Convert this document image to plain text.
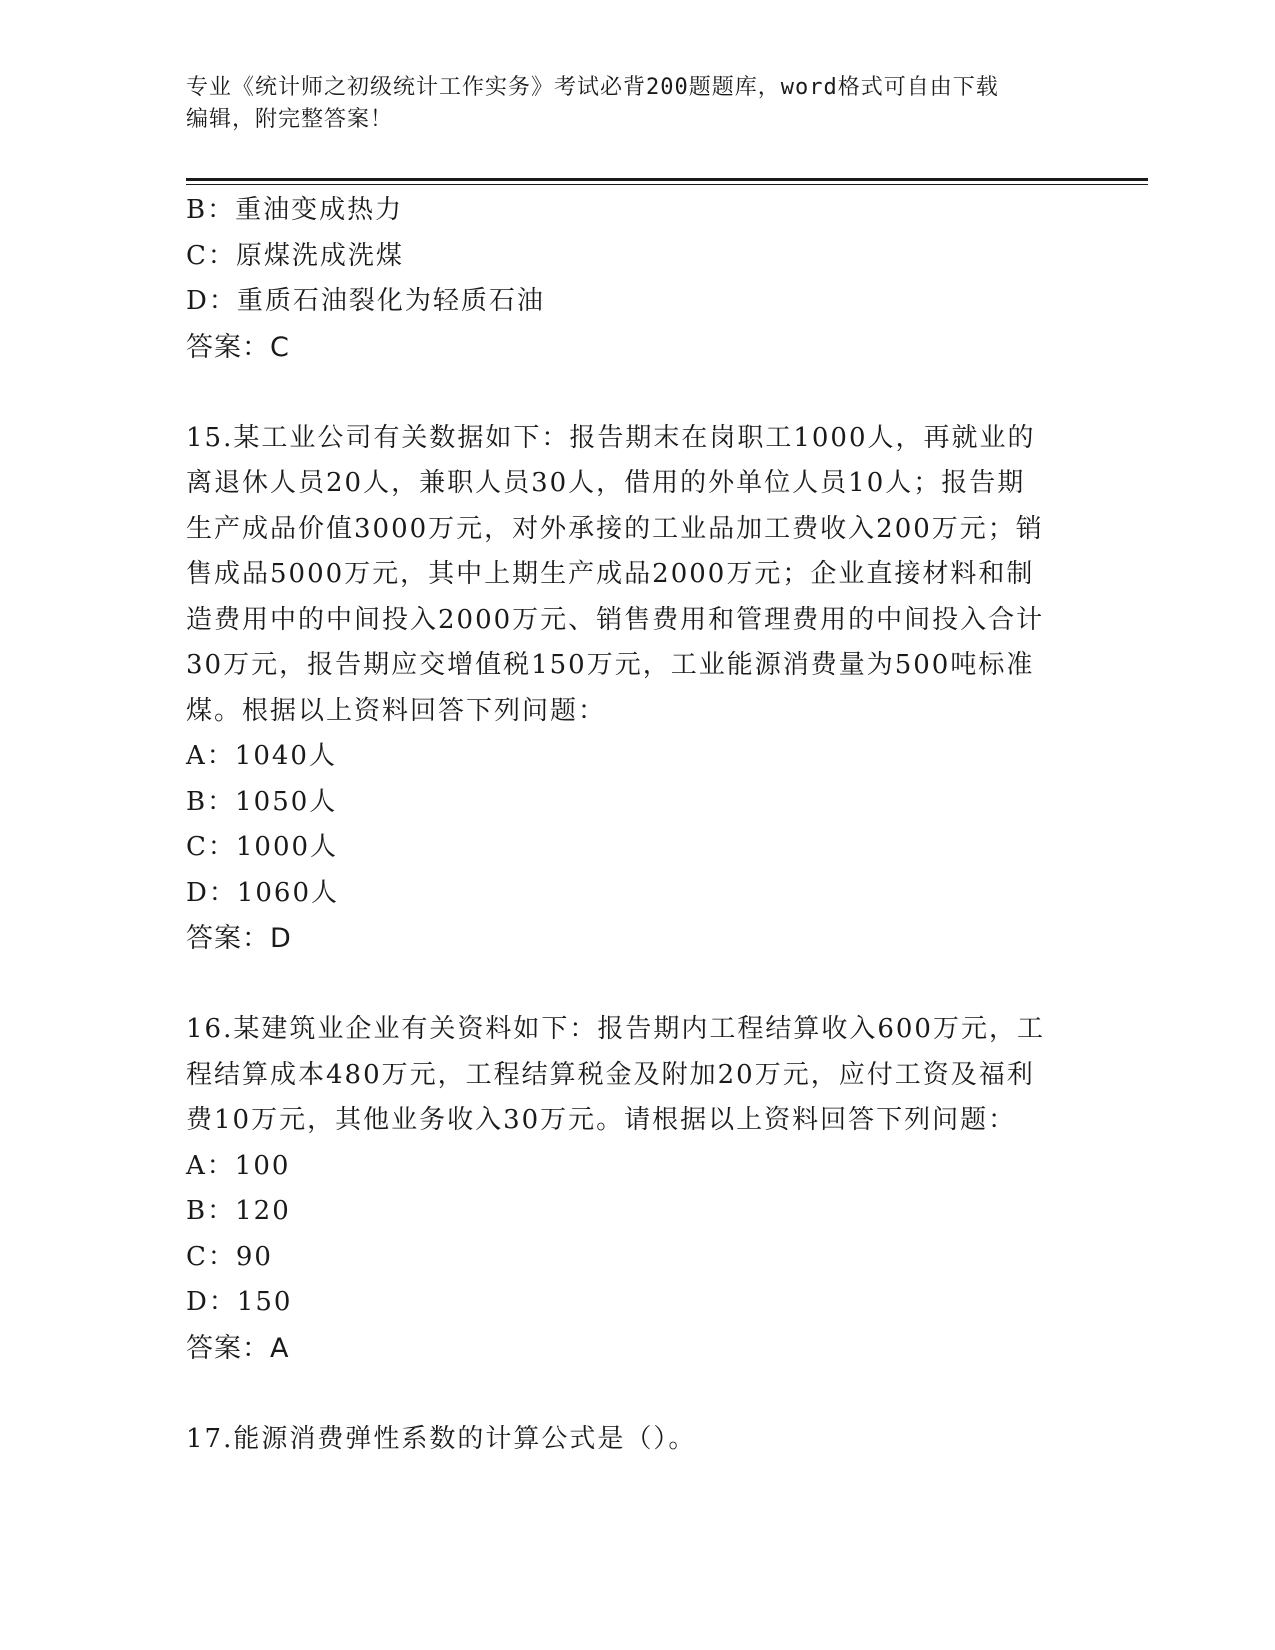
专业《统计师之初级统计工作实务》考试必背200题题库，word格式可自由下载
编辑，附完整答案！

B：重油变成热力

C：原煤洗成洗煤

D：重质石油裂化为轻质石油

答案：C

15.某工业公司有关数据如下：报告期末在岗职工1000人，再就业的

离退休人员20人，兼职人员30人，借用的外单位人员10人；报告期

生产成品价值3000万元，对外承接的工业品加工费收入200万元；销

售成品5000万元，其中上期生产成品2000万元；企业直接材料和制

造费用中的中间投入2000万元、销售费用和管理费用的中间投入合计

30万元，报告期应交增值税150万元，工业能源消费量为500吨标准

煤。根据以上资料回答下列问题：

A：1040人

B：1050人

C：1000人

D：1060人

答案：D

16.某建筑业企业有关资料如下：报告期内工程结算收入600万元，工

程结算成本480万元，工程结算税金及附加20万元，应付工资及福利

费10万元，其他业务收入30万元。请根据以上资料回答下列问题：

A：100

B：120

C：90

D：150

答案：A

17.能源消费弹性系数的计算公式是（）。
